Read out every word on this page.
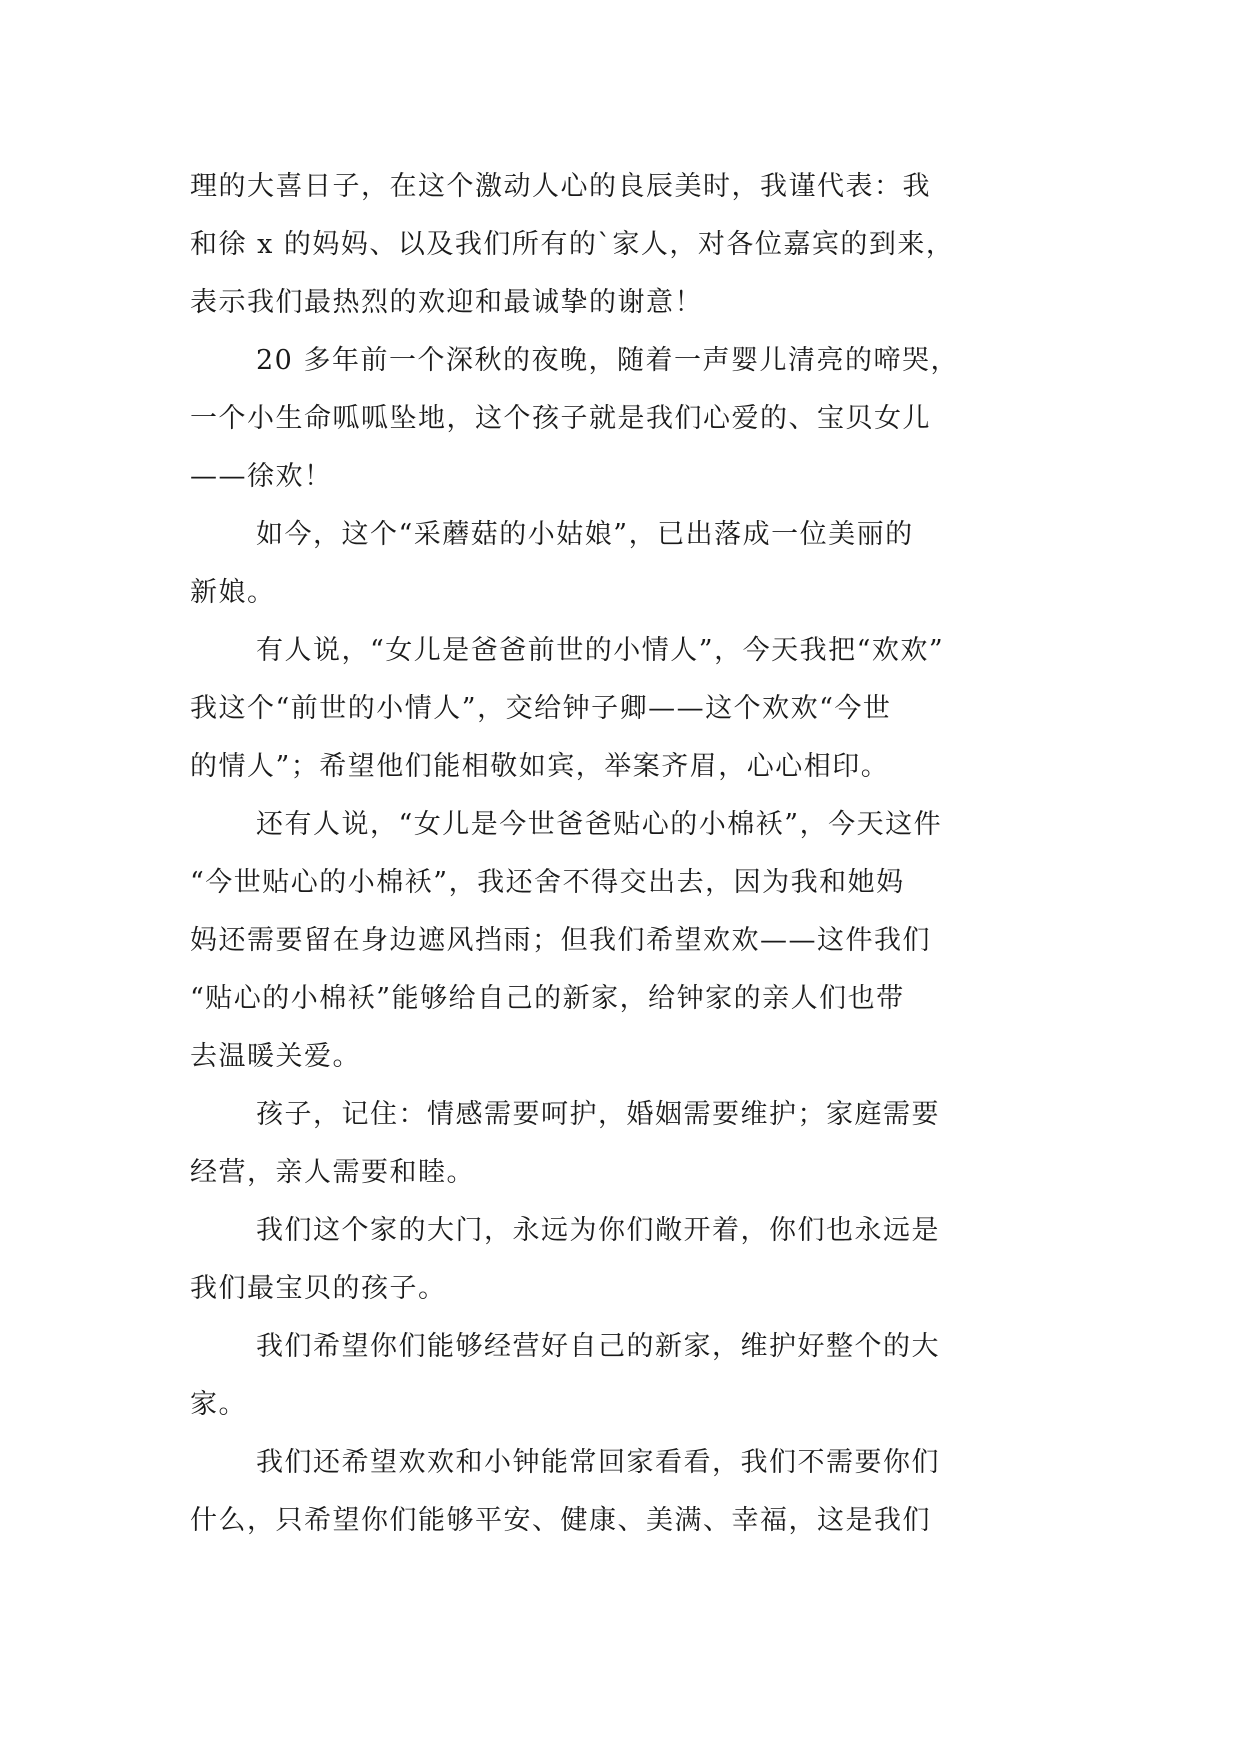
理的大喜日子，在这个激动人心的良辰美时，我谨代表：我
和徐 x 的妈妈、以及我们所有的`家人，对各位嘉宾的到来，
表示我们最热烈的欢迎和最诚挚的谢意！
20 多年前一个深秋的夜晚，随着一声婴儿清亮的啼哭，
一个小生命呱呱坠地，这个孩子就是我们心爱的、宝贝女儿
——徐欢！
如今，这个“采蘑菇的小姑娘”，已出落成一位美丽的
新娘。
有人说，“女儿是爸爸前世的小情人”，今天我把“欢欢”
我这个“前世的小情人”，交给钟子卿——这个欢欢“今世
的情人”；希望他们能相敬如宾，举案齐眉，心心相印。
还有人说，“女儿是今世爸爸贴心的小棉袄”，今天这件
“今世贴心的小棉袄”，我还舍不得交出去，因为我和她妈
妈还需要留在身边遮风挡雨；但我们希望欢欢——这件我们
“贴心的小棉袄”能够给自己的新家，给钟家的亲人们也带
去温暖关爱。
孩子，记住：情感需要呵护，婚姻需要维护；家庭需要
经营，亲人需要和睦。
我们这个家的大门，永远为你们敞开着，你们也永远是
我们最宝贝的孩子。
我们希望你们能够经营好自己的新家，维护好整个的大
家。
我们还希望欢欢和小钟能常回家看看，我们不需要你们
什么，只希望你们能够平安、健康、美满、幸福，这是我们
